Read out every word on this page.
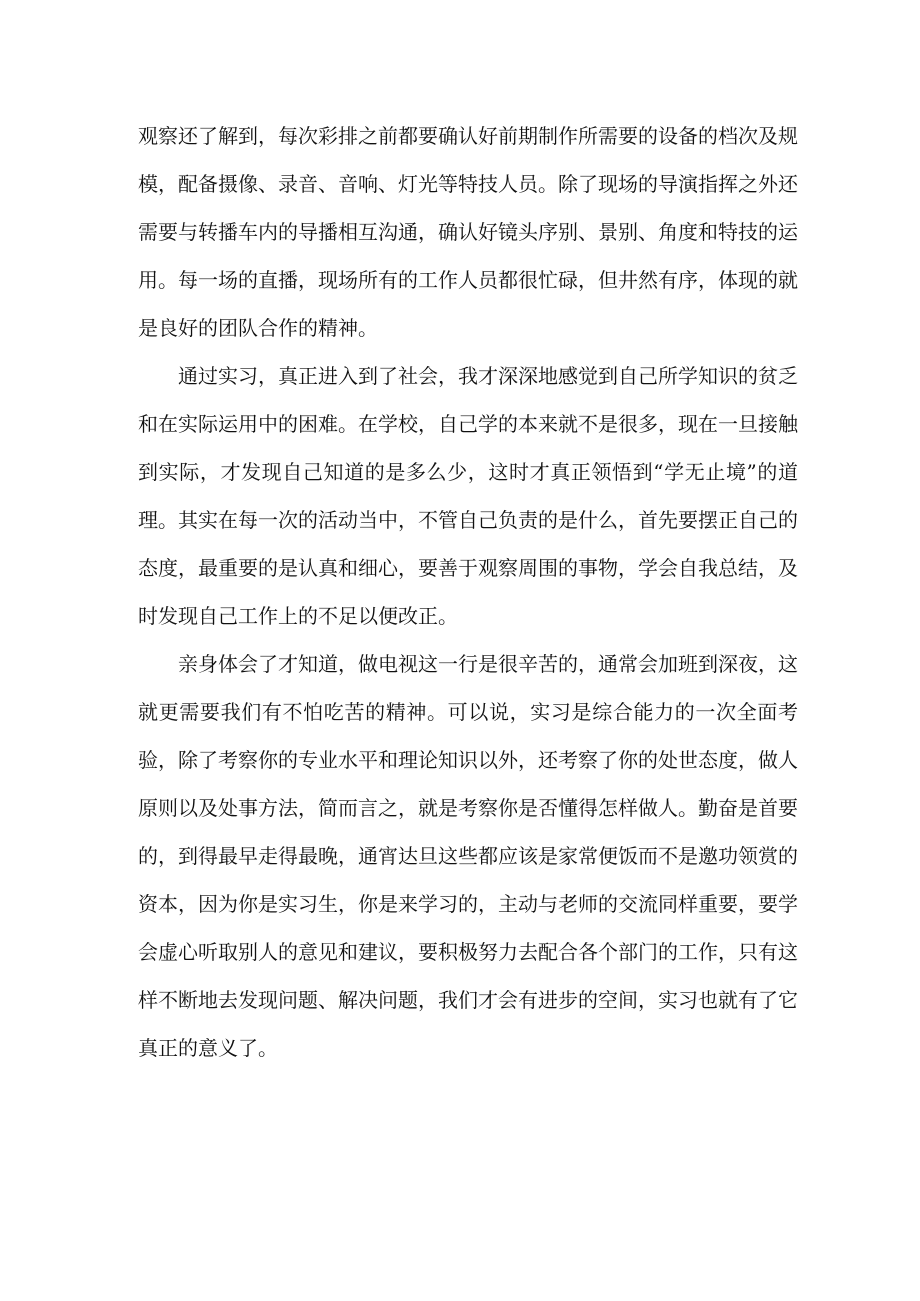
观察还了解到，每次彩排之前都要确认好前期制作所需要的设备的档次及规模，配备摄像、录音、音响、灯光等特技人员。除了现场的导演指挥之外还需要与转播车内的导播相互沟通，确认好镜头序别、景别、角度和特技的运用。每一场的直播，现场所有的工作人员都很忙碌，但井然有序，体现的就是良好的团队合作的精神。

通过实习，真正进入到了社会，我才深深地感觉到自己所学知识的贫乏和在实际运用中的困难。在学校，自己学的本来就不是很多，现在一旦接触到实际，才发现自己知道的是多么少，这时才真正领悟到“学无止境”的道理。其实在每一次的活动当中，不管自己负责的是什么，首先要摆正自己的态度，最重要的是认真和细心，要善于观察周围的事物，学会自我总结，及时发现自己工作上的不足以便改正。

亲身体会了才知道，做电视这一行是很辛苦的，通常会加班到深夜，这就更需要我们有不怕吃苦的精神。可以说，实习是综合能力的一次全面考验，除了考察你的专业水平和理论知识以外，还考察了你的处世态度，做人原则以及处事方法，简而言之，就是考察你是否懂得怎样做人。勤奋是首要的，到得最早走得最晚，通宵达旦这些都应该是家常便饭而不是邀功领赏的资本，因为你是实习生，你是来学习的，主动与老师的交流同样重要，要学会虚心听取别人的意见和建议，要积极努力去配合各个部门的工作，只有这样不断地去发现问题、解决问题，我们才会有进步的空间，实习也就有了它真正的意义了。
